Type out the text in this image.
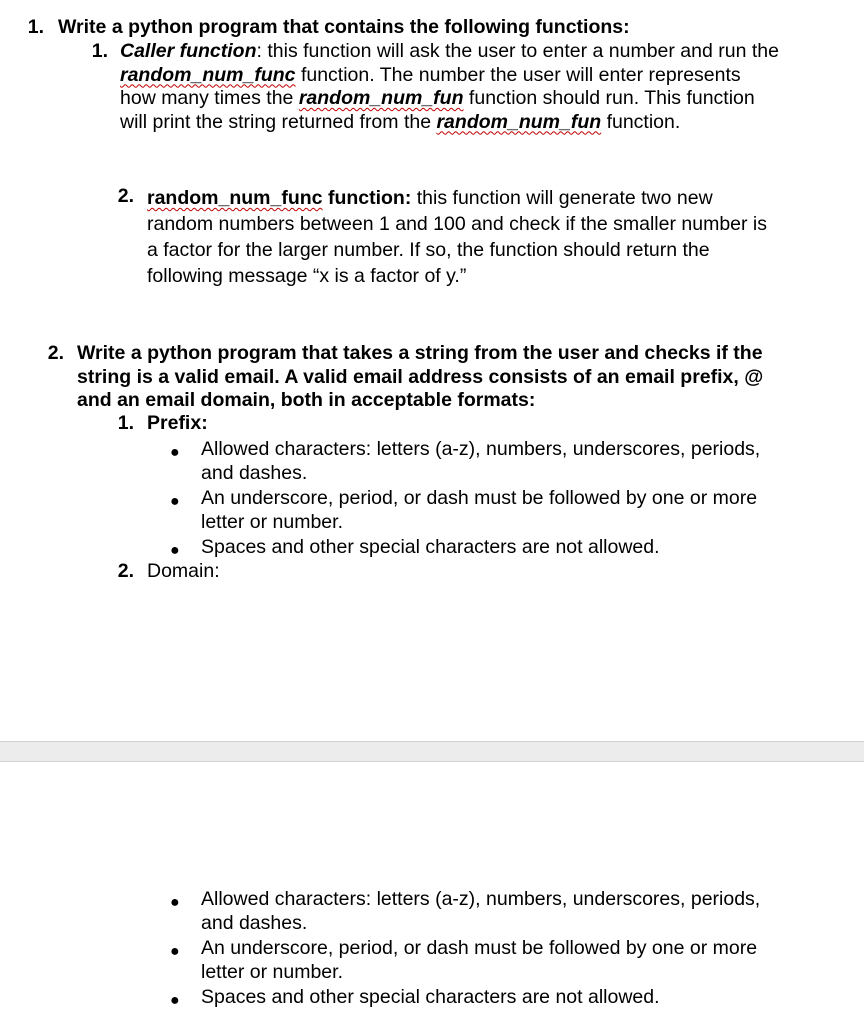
1. Write a python program that contains the following functions:
1. Caller function: this function will ask the user to enter a number and run the
random_num_func function. The number the user will enter represents
how many times the random_num_fun function should run. This function
will print the string returned from the random_num_fun function.
2. random_num_func function: this function will generate two new
random numbers between 1 and 100 and check if the smaller number is
a factor for the larger number. If so, the function should return the
following message “x is a factor of y.”
2. Write a python program that takes a string from the user and checks if the
string is a valid email. A valid email address consists of an email prefix, @
and an email domain, both in acceptable formats:
1. Prefix:
● Allowed characters: letters (a-z), numbers, underscores, periods,
and dashes.
● An underscore, period, or dash must be followed by one or more
letter or number.
● Spaces and other special characters are not allowed.
2. Domain:
● Allowed characters: letters (a-z), numbers, underscores, periods,
and dashes.
● An underscore, period, or dash must be followed by one or more
letter or number.
● Spaces and other special characters are not allowed.
